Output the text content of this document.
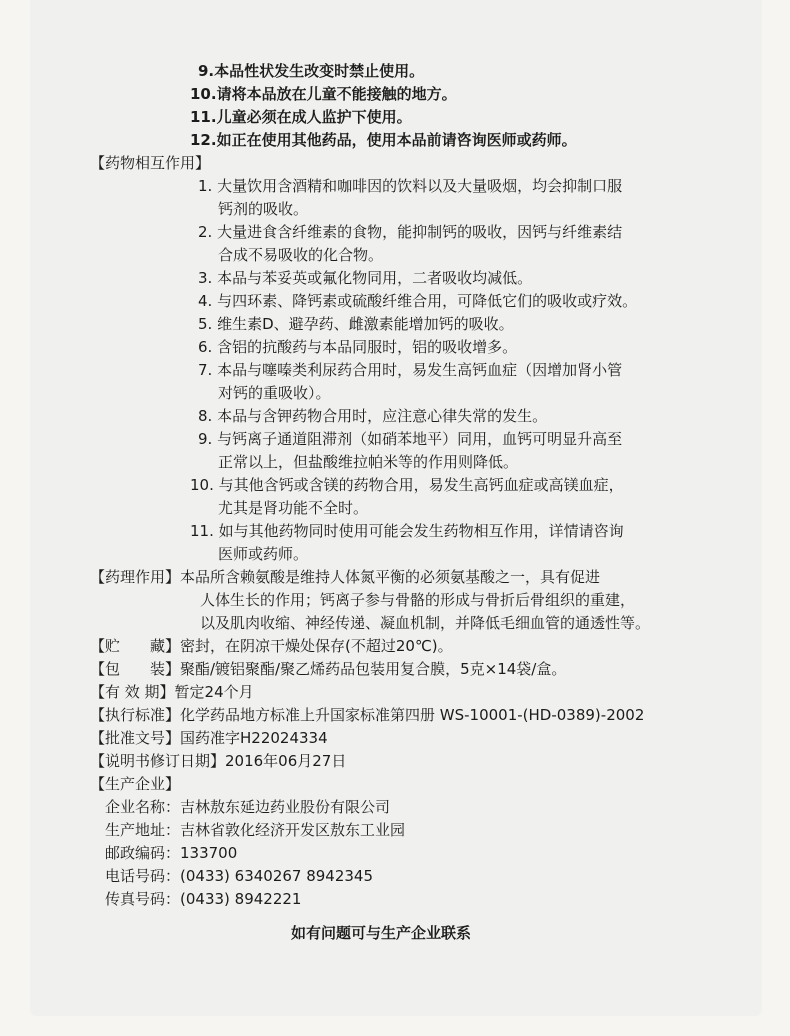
9.本品性状发生改变时禁止使用。
10.请将本品放在儿童不能接触的地方。
11.儿童必须在成人监护下使用。
12.如正在使用其他药品，使用本品前请咨询医师或药师。
【药物相互作用】
1. 大量饮用含酒精和咖啡因的饮料以及大量吸烟，均会抑制口服
钙剂的吸收。
2. 大量进食含纤维素的食物，能抑制钙的吸收，因钙与纤维素结
合成不易吸收的化合物。
3. 本品与苯妥英或氟化物同用，二者吸收均减低。
4. 与四环素、降钙素或硫酸纤维合用，可降低它们的吸收或疗效。
5. 维生素D、避孕药、雌激素能增加钙的吸收。
6. 含铝的抗酸药与本品同服时，铝的吸收增多。
7. 本品与噻嗪类利尿药合用时，易发生高钙血症（因增加肾小管
对钙的重吸收）。
8. 本品与含钾药物合用时，应注意心律失常的发生。
9. 与钙离子通道阻滞剂（如硝苯地平）同用，血钙可明显升高至
正常以上，但盐酸维拉帕米等的作用则降低。
10. 与其他含钙或含镁的药物合用，易发生高钙血症或高镁血症，
尤其是肾功能不全时。
11. 如与其他药物同时使用可能会发生药物相互作用，详情请咨询
医师或药师。
【药理作用】本品所含赖氨酸是维持人体氮平衡的必须氨基酸之一，具有促进
人体生长的作用；钙离子参与骨骼的形成与骨折后骨组织的重建，
以及肌肉收缩、神经传递、凝血机制，并降低毛细血管的通透性等。
【贮　　藏】密封，在阴凉干燥处保存(不超过20℃)。
【包　　装】聚酯/镀铝聚酯/聚乙烯药品包装用复合膜，5克×14袋/盒。
【有 效 期】暂定24个月
【执行标准】化学药品地方标准上升国家标准第四册 WS-10001-(HD-0389)-2002
【批准文号】国药准字H22024334
【说明书修订日期】2016年06月27日
【生产企业】
企业名称：吉林敖东延边药业股份有限公司
生产地址：吉林省敦化经济开发区敖东工业园
邮政编码：133700
电话号码：(0433) 6340267 8942345
传真号码：(0433) 8942221
如有问题可与生产企业联系
